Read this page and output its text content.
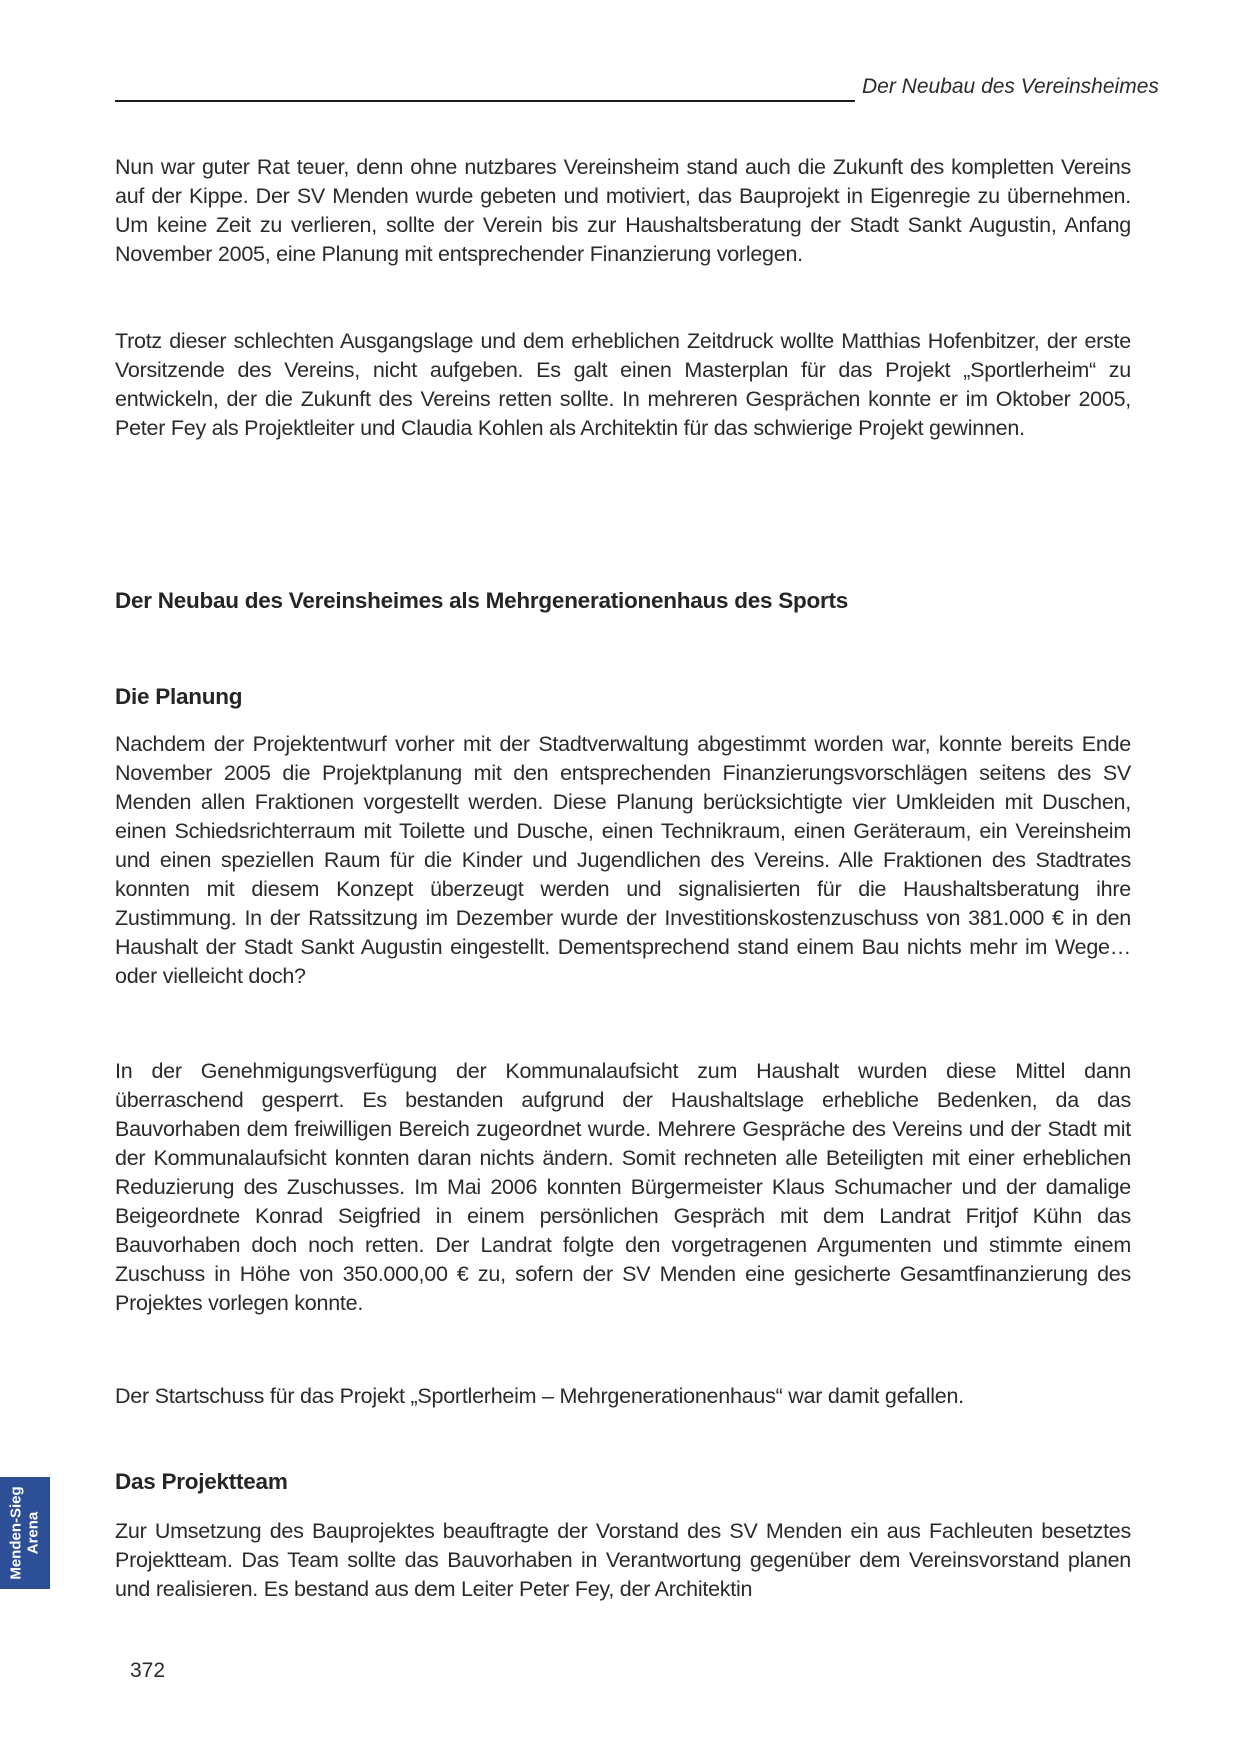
Der Neubau des Vereinsheimes

Nun war guter Rat teuer, denn ohne nutzbares Vereinsheim stand auch die Zukunft des kompletten Vereins auf der Kippe. Der SV Menden wurde gebeten und motiviert, das Bauprojekt in Eigenregie zu übernehmen. Um keine Zeit zu verlieren, sollte der Verein bis zur Haushaltsberatung der Stadt Sankt Augustin, Anfang November 2005, eine Planung mit entsprechender Finanzierung vorlegen.

Trotz dieser schlechten Ausgangslage und dem erheblichen Zeitdruck wollte Matthias Hofenbitzer, der erste Vorsitzende des Vereins, nicht aufgeben. Es galt einen Masterplan für das Projekt „Sportlerheim“ zu entwickeln, der die Zukunft des Vereins retten sollte. In mehreren Gesprächen konnte er im Oktober 2005, Peter Fey als Projektleiter und Claudia Kohlen als Architektin für das schwierige Projekt gewinnen.

Der Neubau des Vereinsheimes als Mehrgenerationenhaus des Sports
Die Planung

Nachdem der Projektentwurf vorher mit der Stadtverwaltung abgestimmt worden war, konnte bereits Ende November 2005 die Projektplanung mit den entsprechenden Finanzierungsvorschlägen seitens des SV Menden allen Fraktionen vorgestellt werden. Diese Planung berücksichtigte vier Umkleiden mit Duschen, einen Schiedsrichterraum mit Toilette und Dusche, einen Technikraum, einen Geräteraum, ein Vereinsheim und einen speziellen Raum für die Kinder und Jugendlichen des Vereins. Alle Fraktionen des Stadtrates konnten mit diesem Konzept überzeugt werden und signalisierten für die Haushaltsberatung ihre Zustimmung. In der Ratssitzung im Dezember wurde der Investitionskostenzuschuss von 381.000 € in den Haushalt der Stadt Sankt Augustin eingestellt. Dementsprechend stand einem Bau nichts mehr im Wege…oder vielleicht doch?

In der Genehmigungsverfügung der Kommunalaufsicht zum Haushalt wurden diese Mittel dann überraschend gesperrt. Es bestanden aufgrund der Haushaltslage erhebliche Bedenken, da das Bauvorhaben dem freiwilligen Bereich zugeordnet wurde. Mehrere Gespräche des Vereins und der Stadt mit der Kommunalaufsicht konnten daran nichts ändern. Somit rechneten alle Beteiligten mit einer erheblichen Reduzierung des Zuschusses. Im Mai 2006 konnten Bürgermeister Klaus Schumacher und der damalige Beigeordnete Konrad Seigfried in einem persönlichen Gespräch mit dem Landrat Fritjof Kühn das Bauvorhaben doch noch retten. Der Landrat folgte den vorgetragenen Argumenten und stimmte einem Zuschuss in Höhe von 350.000,00 € zu, sofern der SV Menden eine gesicherte Gesamtfinanzierung des Projektes vorlegen konnte.

Der Startschuss für das Projekt „Sportlerheim – Mehrgenerationenhaus“ war damit gefallen.

Das Projektteam

Zur Umsetzung des Bauprojektes beauftragte der Vorstand des SV Menden ein aus Fachleuten besetztes Projektteam. Das Team sollte das Bauvorhaben in Verantwortung gegenüber dem Vereinsvorstand planen und realisieren. Es bestand aus dem Leiter Peter Fey, der Architektin

372
Menden-Sieg Arena
